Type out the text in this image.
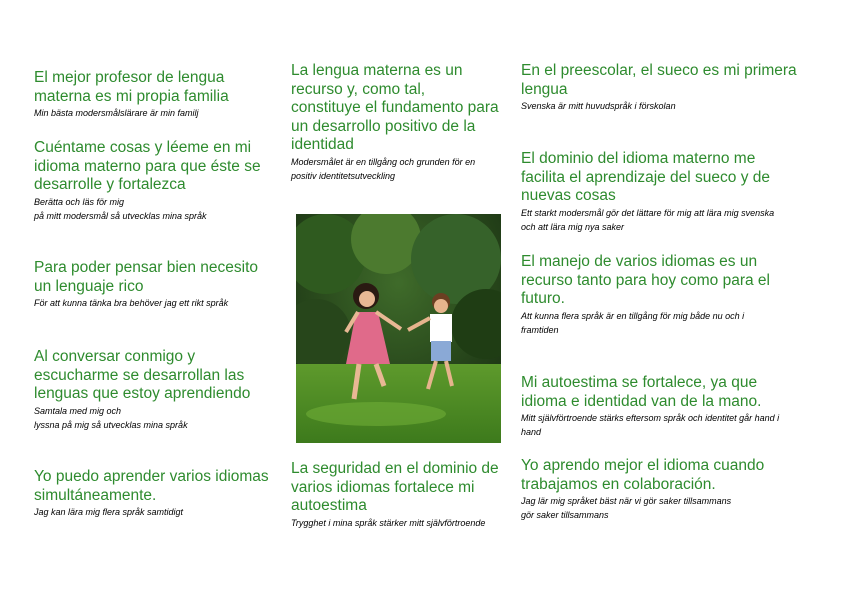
El mejor profesor de lengua
materna es mi propia familia

Min bästa modersmålslärare är min familj

Cuéntame cosas y léeme en mi
idioma materno para que éste se
desarrolle y fortalezca

Berätta och läs för mig
på mitt modersmål så utvecklas mina språk

Para poder pensar bien necesito
un lenguaje rico

För att kunna tänka bra behöver jag ett rikt språk

Al conversar conmigo y
escucharme se desarrollan las
lenguas que estoy aprendiendo

Samtala med mig och
lyssna på mig så utvecklas mina språk

Yo puedo aprender varios idiomas
simultáneamente.

Jag kan lära mig flera språk samtidigt

La lengua materna es un
recurso y, como tal,
constituye el fundamento para
un desarrollo positivo de la
identidad

Modersmålet är en tillgång och grunden för en
positiv identitetsutveckling

La seguridad en el dominio de
varios idiomas fortalece mi
autoestima

Trygghet i mina språk stärker mitt självförtroende

En el preescolar, el sueco es mi primera
lengua

Svenska är mitt huvudspråk i förskolan

El dominio del idioma materno me
facilita el aprendizaje del sueco y de
nuevas cosas

Ett starkt modersmål gör det lättare för mig att lära mig svenska
och att lära mig nya saker

El manejo de varios idiomas es un
recurso tanto para hoy como para el
futuro.

Att kunna flera språk är en tillgång för mig både nu och i
framtiden

Mi autoestima se fortalece, ya que
idioma e identidad van de la mano.

Mitt självförtroende stärks eftersom språk och identitet går hand i
hand

Yo aprendo mejor el idioma cuando
trabajamos en colaboración.

Jag lär mig språket bäst när vi gör saker tillsammans
gör saker tillsammans
